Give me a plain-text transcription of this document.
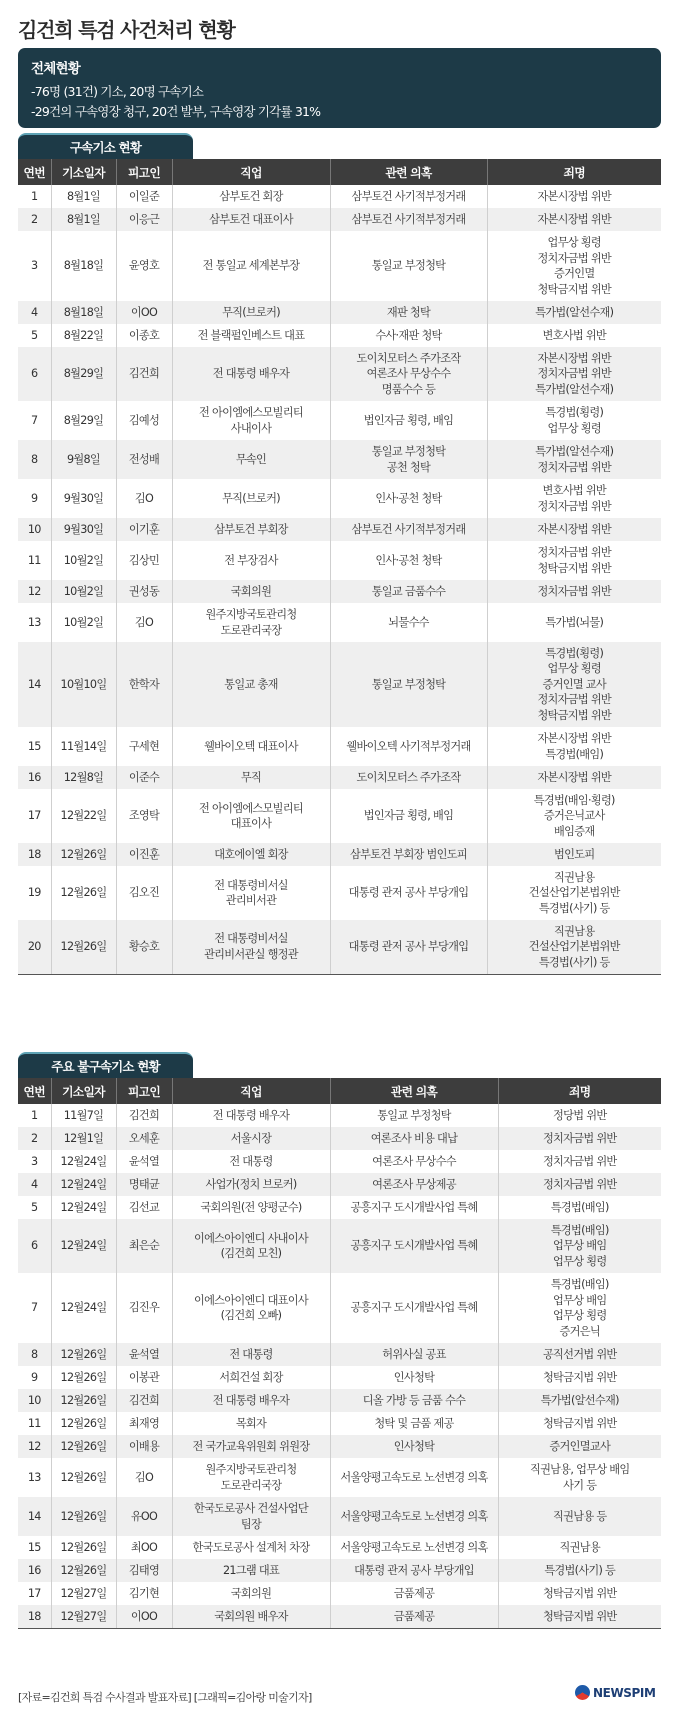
김건희 특검 사건처리 현황
전체현황
-76명 (31건) 기소, 20명 구속기소
-29건의 구속영장 청구, 20건 발부, 구속영장 기각률 31%
구속기소 현황
연번	기소일자	피고인	직업	관련 의혹	죄명
1	8월1일	이일준	삼부토건 회장	삼부토건 사기적부정거래	자본시장법 위반
2	8월1일	이응근	삼부토건 대표이사	삼부토건 사기적부정거래	자본시장법 위반
3	8월18일	윤영호	전 통일교 세계본부장	통일교 부정청탁	업무상 횡령
정치자금법 위반
증거인멸
청탁금지법 위반
4	8월18일	이OO	무직(브로커)	재판 청탁	특가법(알선수재)
5	8월22일	이종호	전 블랙펄인베스트 대표	수사·재판 청탁	변호사법 위반
6	8월29일	김건희	전 대통령 배우자	도이치모터스 주가조작
여론조사 무상수수
명품수수 등	자본시장법 위반
정치자금법 위반
특가법(알선수재)
7	8월29일	김예성	전 아이엠에스모빌리티
사내이사	법인자금 횡령, 배임	특경법(횡령)
업무상 횡령
8	9월8일	전성배	무속인	통일교 부정청탁
공천 청탁	특가법(알선수재)
정치자금법 위반
9	9월30일	김O	무직(브로커)	인사·공천 청탁	변호사법 위반
정치자금법 위반
10	9월30일	이기훈	삼부토건 부회장	삼부토건 사기적부정거래	자본시장법 위반
11	10월2일	김상민	전 부장검사	인사·공천 청탁	정치자금법 위반
청탁금지법 위반
12	10월2일	권성동	국회의원	통일교 금품수수	정치자금법 위반
13	10월2일	김O	원주지방국토관리청
도로관리국장	뇌물수수	특가법(뇌물)
14	10월10일	한학자	통일교 총재	통일교 부정청탁	특경법(횡령)
업무상 횡령
증거인멸 교사
정치자금법 위반
청탁금지법 위반
15	11월14일	구세현	웰바이오텍 대표이사	웰바이오텍 사기적부정거래	자본시장법 위반
특경법(배임)
16	12월8일	이준수	무직	도이치모터스 주가조작	자본시장법 위반
17	12월22일	조영탁	전 아이엠에스모빌리티
대표이사	법인자금 횡령, 배임	특경법(배임·횡령)
증거은닉교사
배임증재
18	12월26일	이진훈	대호에이엘 회장	삼부토건 부회장 범인도피	범인도피
19	12월26일	김오진	전 대통령비서실
관리비서관	대통령 관저 공사 부당개입	직권남용
건설산업기본법위반
특경법(사기) 등
20	12월26일	황승호	전 대통령비서실
관리비서관실 행정관	대통령 관저 공사 부당개입	직권남용
건설산업기본법위반
특경법(사기) 등
주요 불구속기소 현황
연번	기소일자	피고인	직업	관련 의혹	죄명
1	11월7일	김건희	전 대통령 배우자	통일교 부정청탁	정당법 위반
2	12월1일	오세훈	서울시장	여론조사 비용 대납	정치자금법 위반
3	12월24일	윤석열	전 대통령	여론조사 무상수수	정치자금법 위반
4	12월24일	명태균	사업가(정치 브로커)	여론조사 무상제공	정치자금법 위반
5	12월24일	김선교	국회의원(전 양평군수)	공흥지구 도시개발사업 특혜	특경법(배임)
6	12월24일	최은순	이에스아이엔디 사내이사
(김건희 모친)	공흥지구 도시개발사업 특혜	특경법(배임)
업무상 배임
업무상 횡령
7	12월24일	김진우	이에스아이엔디 대표이사
(김건희 오빠)	공흥지구 도시개발사업 특혜	특경법(배임)
업무상 배임
업무상 횡령
증거은닉
8	12월26일	윤석열	전 대통령	허위사실 공표	공직선거법 위반
9	12월26일	이봉관	서희건설 회장	인사청탁	청탁금지법 위반
10	12월26일	김건희	전 대통령 배우자	디올 가방 등 금품 수수	특가법(알선수재)
11	12월26일	최재영	목회자	청탁 및 금품 제공	청탁금지법 위반
12	12월26일	이배용	전 국가교육위원회 위원장	인사청탁	증거인멸교사
13	12월26일	김O	원주지방국토관리청
도로관리국장	서울양평고속도로 노선변경 의혹	직권남용, 업무상 배임
사기 등
14	12월26일	유OO	한국도로공사 건설사업단
팀장	서울양평고속도로 노선변경 의혹	직권남용 등
15	12월26일	최OO	한국도로공사 설계처 차장	서울양평고속도로 노선변경 의혹	직권남용
16	12월26일	김태영	21그램 대표	대통령 관저 공사 부당개입	특경법(사기) 등
17	12월27일	김기현	국회의원	금품제공	청탁금지법 위반
18	12월27일	이OO	국회의원 배우자	금품제공	청탁금지법 위반
[자료=김건희 특검 수사결과 발표자료] [그래픽=김아랑 미술기자]	NEWSPIM
